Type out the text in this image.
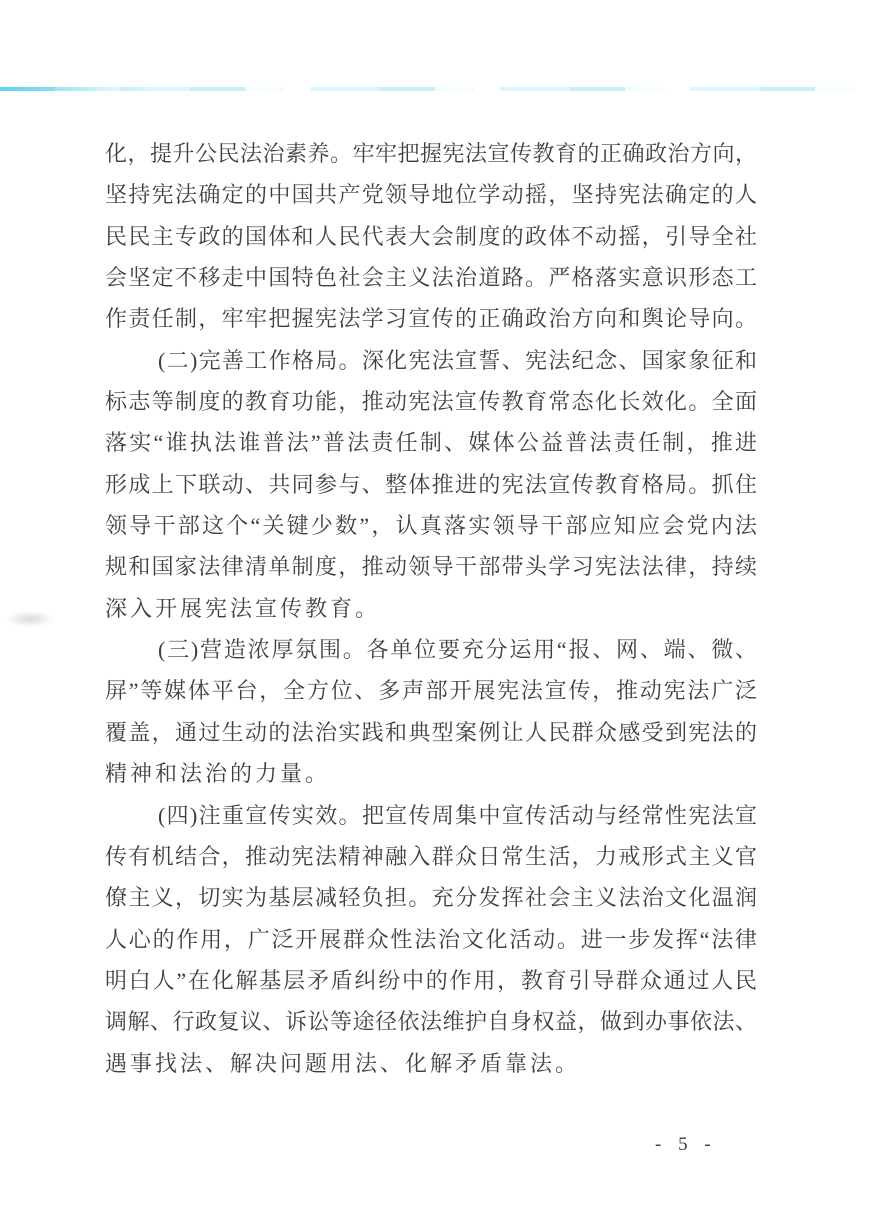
化，提升公民法治素养。牢牢把握宪法宣传教育的正确政治方向，
坚持宪法确定的中国共产党领导地位学动摇，坚持宪法确定的人
民民主专政的国体和人民代表大会制度的政体不动摇，引导全社
会坚定不移走中国特色社会主义法治道路。严格落实意识形态工
作责任制，牢牢把握宪法学习宣传的正确政治方向和舆论导向。

(二)完善工作格局。深化宪法宣誓、宪法纪念、国家象征和
标志等制度的教育功能，推动宪法宣传教育常态化长效化。全面
落实“谁执法谁普法”普法责任制、媒体公益普法责任制，推进
形成上下联动、共同参与、整体推进的宪法宣传教育格局。抓住
领导干部这个“关键少数”，认真落实领导干部应知应会党内法
规和国家法律清单制度，推动领导干部带头学习宪法法律，持续
深入开展宪法宣传教育。

(三)营造浓厚氛围。各单位要充分运用“报、网、端、微、
屏”等媒体平台，全方位、多声部开展宪法宣传，推动宪法广泛
覆盖，通过生动的法治实践和典型案例让人民群众感受到宪法的
精神和法治的力量。

(四)注重宣传实效。把宣传周集中宣传活动与经常性宪法宣
传有机结合，推动宪法精神融入群众日常生活，力戒形式主义官
僚主义，切实为基层减轻负担。充分发挥社会主义法治文化温润
人心的作用，广泛开展群众性法治文化活动。进一步发挥“法律
明白人”在化解基层矛盾纠纷中的作用，教育引导群众通过人民
调解、行政复议、诉讼等途径依法维护自身权益，做到办事依法、
遇事找法、解决问题用法、化解矛盾靠法。

- 5 -
